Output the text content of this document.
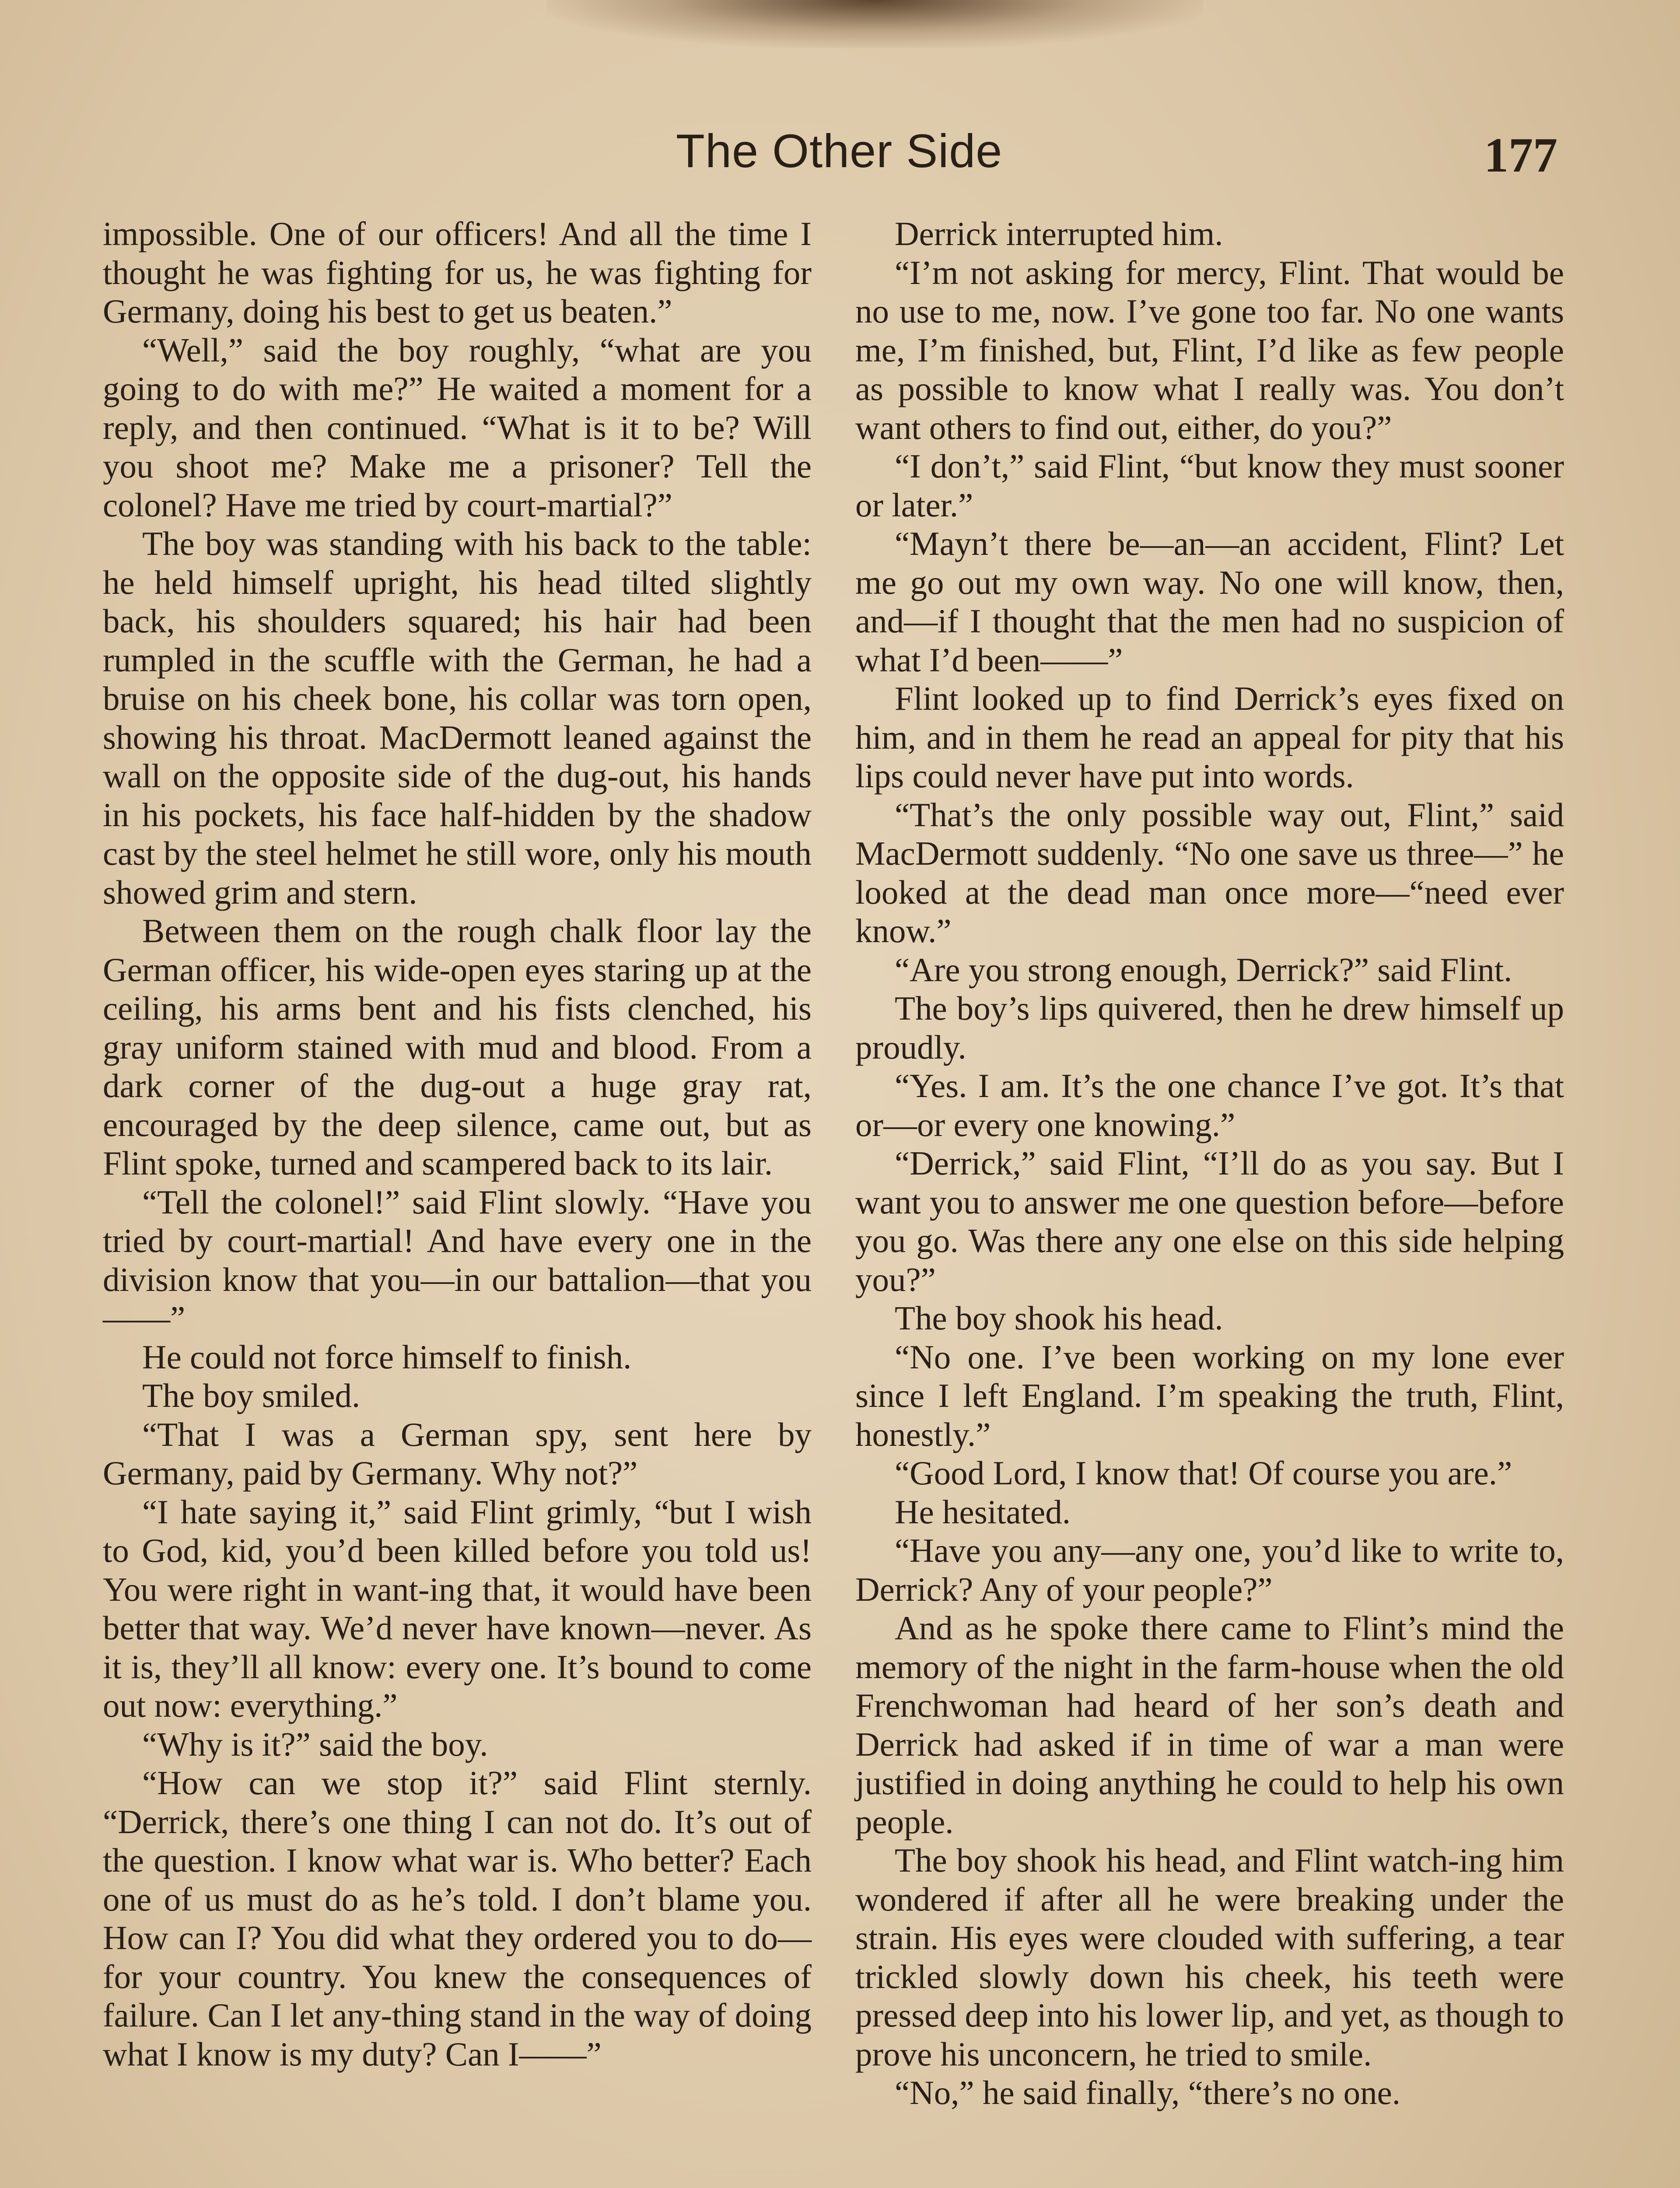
The Other Side	177

impossible. One of our officers! And all the time I thought he was fighting for us, he was fighting for Germany, doing his best to get us beaten.”

“Well,” said the boy roughly, “what are you going to do with me?” He waited a moment for a reply, and then continued. “What is it to be? Will you shoot me? Make me a prisoner? Tell the colonel? Have me tried by court-martial?”

The boy was standing with his back to the table: he held himself upright, his head tilted slightly back, his shoulders squared; his hair had been rumpled in the scuffle with the German, he had a bruise on his cheek bone, his collar was torn open, showing his throat. MacDermott leaned against the wall on the opposite side of the dug-out, his hands in his pockets, his face half-hidden by the shadow cast by the steel helmet he still wore, only his mouth showed grim and stern.

Between them on the rough chalk floor lay the German officer, his wide-open eyes staring up at the ceiling, his arms bent and his fists clenched, his gray uniform stained with mud and blood. From a dark corner of the dug-out a huge gray rat, encouraged by the deep silence, came out, but as Flint spoke, turned and scampered back to its lair.

“Tell the colonel!” said Flint slowly. “Have you tried by court-martial! And have every one in the division know that you—in our battalion—that you——”

He could not force himself to finish.

The boy smiled.

“That I was a German spy, sent here by Germany, paid by Germany. Why not?”

“I hate saying it,” said Flint grimly, “but I wish to God, kid, you’d been killed before you told us! You were right in want-ing that, it would have been better that way. We’d never have known—never. As it is, they’ll all know: every one. It’s bound to come out now: everything.”

“Why is it?” said the boy.

“How can we stop it?” said Flint sternly. “Derrick, there’s one thing I can not do. It’s out of the question. I know what war is. Who better? Each one of us must do as he’s told. I don’t blame you. How can I? You did what they ordered you to do—for your country. You knew the consequences of failure. Can I let any-thing stand in the way of doing what I know is my duty? Can I——”

Derrick interrupted him.

“I’m not asking for mercy, Flint. That would be no use to me, now. I’ve gone too far. No one wants me, I’m finished, but, Flint, I’d like as few people as possible to know what I really was. You don’t want others to find out, either, do you?”

“I don’t,” said Flint, “but know they must sooner or later.”

“Mayn’t there be—an—an accident, Flint? Let me go out my own way. No one will know, then, and—if I thought that the men had no suspicion of what I’d been——”

Flint looked up to find Derrick’s eyes fixed on him, and in them he read an appeal for pity that his lips could never have put into words.

“That’s the only possible way out, Flint,” said MacDermott suddenly. “No one save us three—” he looked at the dead man once more—“need ever know.”

“Are you strong enough, Derrick?” said Flint.

The boy’s lips quivered, then he drew himself up proudly.

“Yes. I am. It’s the one chance I’ve got. It’s that or—or every one knowing.”

“Derrick,” said Flint, “I’ll do as you say. But I want you to answer me one question before—before you go. Was there any one else on this side helping you?”

The boy shook his head.

“No one. I’ve been working on my lone ever since I left England. I’m speaking the truth, Flint, honestly.”

“Good Lord, I know that! Of course you are.”

He hesitated.

“Have you any—any one, you’d like to write to, Derrick? Any of your people?”

And as he spoke there came to Flint’s mind the memory of the night in the farm-house when the old Frenchwoman had heard of her son’s death and Derrick had asked if in time of war a man were justified in doing anything he could to help his own people.

The boy shook his head, and Flint watch-ing him wondered if after all he were breaking under the strain. His eyes were clouded with suffering, a tear trickled slowly down his cheek, his teeth were pressed deep into his lower lip, and yet, as though to prove his unconcern, he tried to smile.

“No,” he said finally, “there’s no one.
